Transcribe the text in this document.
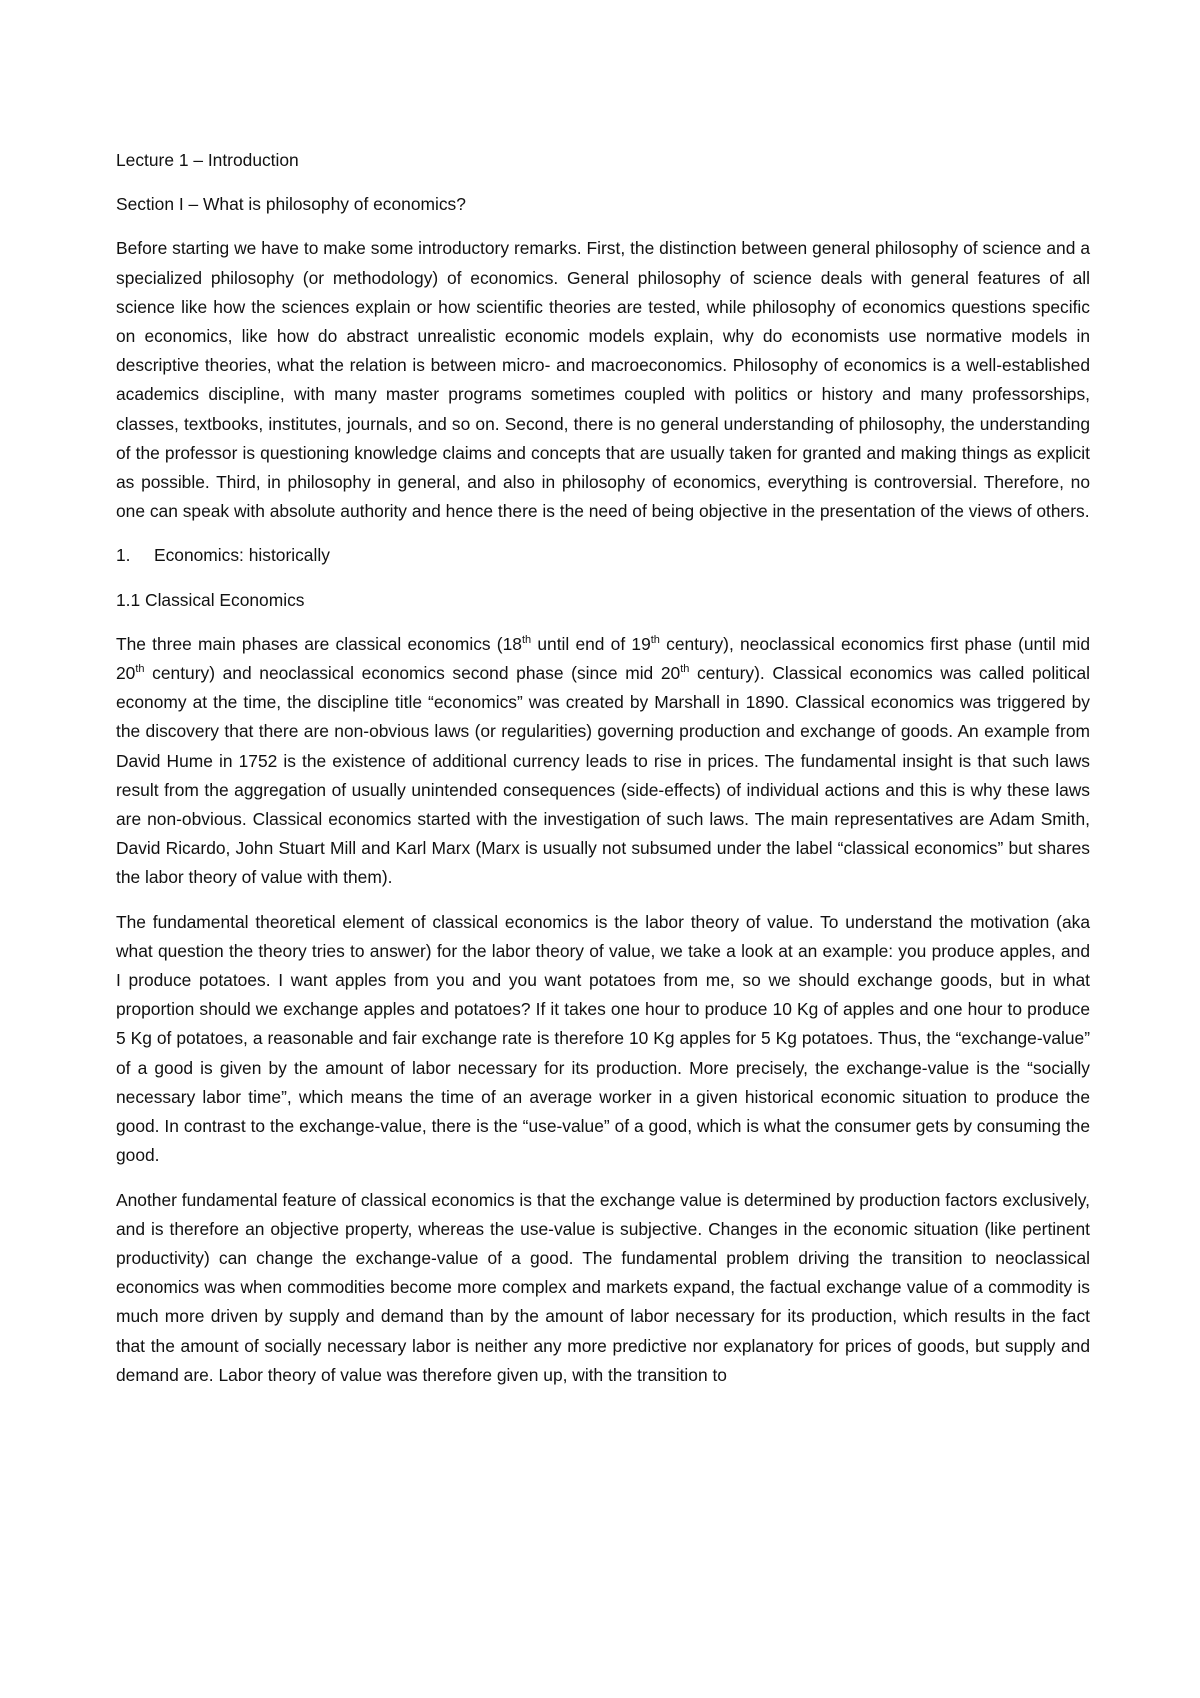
Lecture 1 – Introduction

Section I – What is philosophy of economics?

Before starting we have to make some introductory remarks. First, the distinction between general philosophy of science and a specialized philosophy (or methodology) of economics. General philosophy of science deals with general features of all science like how the sciences explain or how scientific theories are tested, while philosophy of economics questions specific on economics, like how do abstract unrealistic economic models explain, why do economists use normative models in descriptive theories, what the relation is between micro- and macroeconomics. Philosophy of economics is a well-established academics discipline, with many master programs sometimes coupled with politics or history and many professorships, classes, textbooks, institutes, journals, and so on. Second, there is no general understanding of philosophy, the understanding of the professor is questioning knowledge claims and concepts that are usually taken for granted and making things as explicit as possible. Third, in philosophy in general, and also in philosophy of economics, everything is controversial. Therefore, no one can speak with absolute authority and hence there is the need of being objective in the presentation of the views of others.

1.	Economics: historically

1.1 Classical Economics

The three main phases are classical economics (18th until end of 19th century), neoclassical economics first phase (until mid 20th century) and neoclassical economics second phase (since mid 20th century). Classical economics was called political economy at the time, the discipline title “economics” was created by Marshall in 1890. Classical economics was triggered by the discovery that there are non-obvious laws (or regularities) governing production and exchange of goods. An example from David Hume in 1752 is the existence of additional currency leads to rise in prices. The fundamental insight is that such laws result from the aggregation of usually unintended consequences (side-effects) of individual actions and this is why these laws are non-obvious. Classical economics started with the investigation of such laws. The main representatives are Adam Smith, David Ricardo, John Stuart Mill and Karl Marx (Marx is usually not subsumed under the label “classical economics” but shares the labor theory of value with them).

The fundamental theoretical element of classical economics is the labor theory of value. To understand the motivation (aka what question the theory tries to answer) for the labor theory of value, we take a look at an example: you produce apples, and I produce potatoes. I want apples from you and you want potatoes from me, so we should exchange goods, but in what proportion should we exchange apples and potatoes? If it takes one hour to produce 10 Kg of apples and one hour to produce 5 Kg of potatoes, a reasonable and fair exchange rate is therefore 10 Kg apples for 5 Kg potatoes. Thus, the “exchange-value” of a good is given by the amount of labor necessary for its production. More precisely, the exchange-value is the “socially necessary labor time”, which means the time of an average worker in a given historical economic situation to produce the good. In contrast to the exchange-value, there is the “use-value” of a good, which is what the consumer gets by consuming the good.

Another fundamental feature of classical economics is that the exchange value is determined by production factors exclusively, and is therefore an objective property, whereas the use-value is subjective. Changes in the economic situation (like pertinent productivity) can change the exchange-value of a good. The fundamental problem driving the transition to neoclassical economics was when commodities become more complex and markets expand, the factual exchange value of a commodity is much more driven by supply and demand than by the amount of labor necessary for its production, which results in the fact that the amount of socially necessary labor is neither any more predictive nor explanatory for prices of goods, but supply and demand are. Labor theory of value was therefore given up, with the transition to
